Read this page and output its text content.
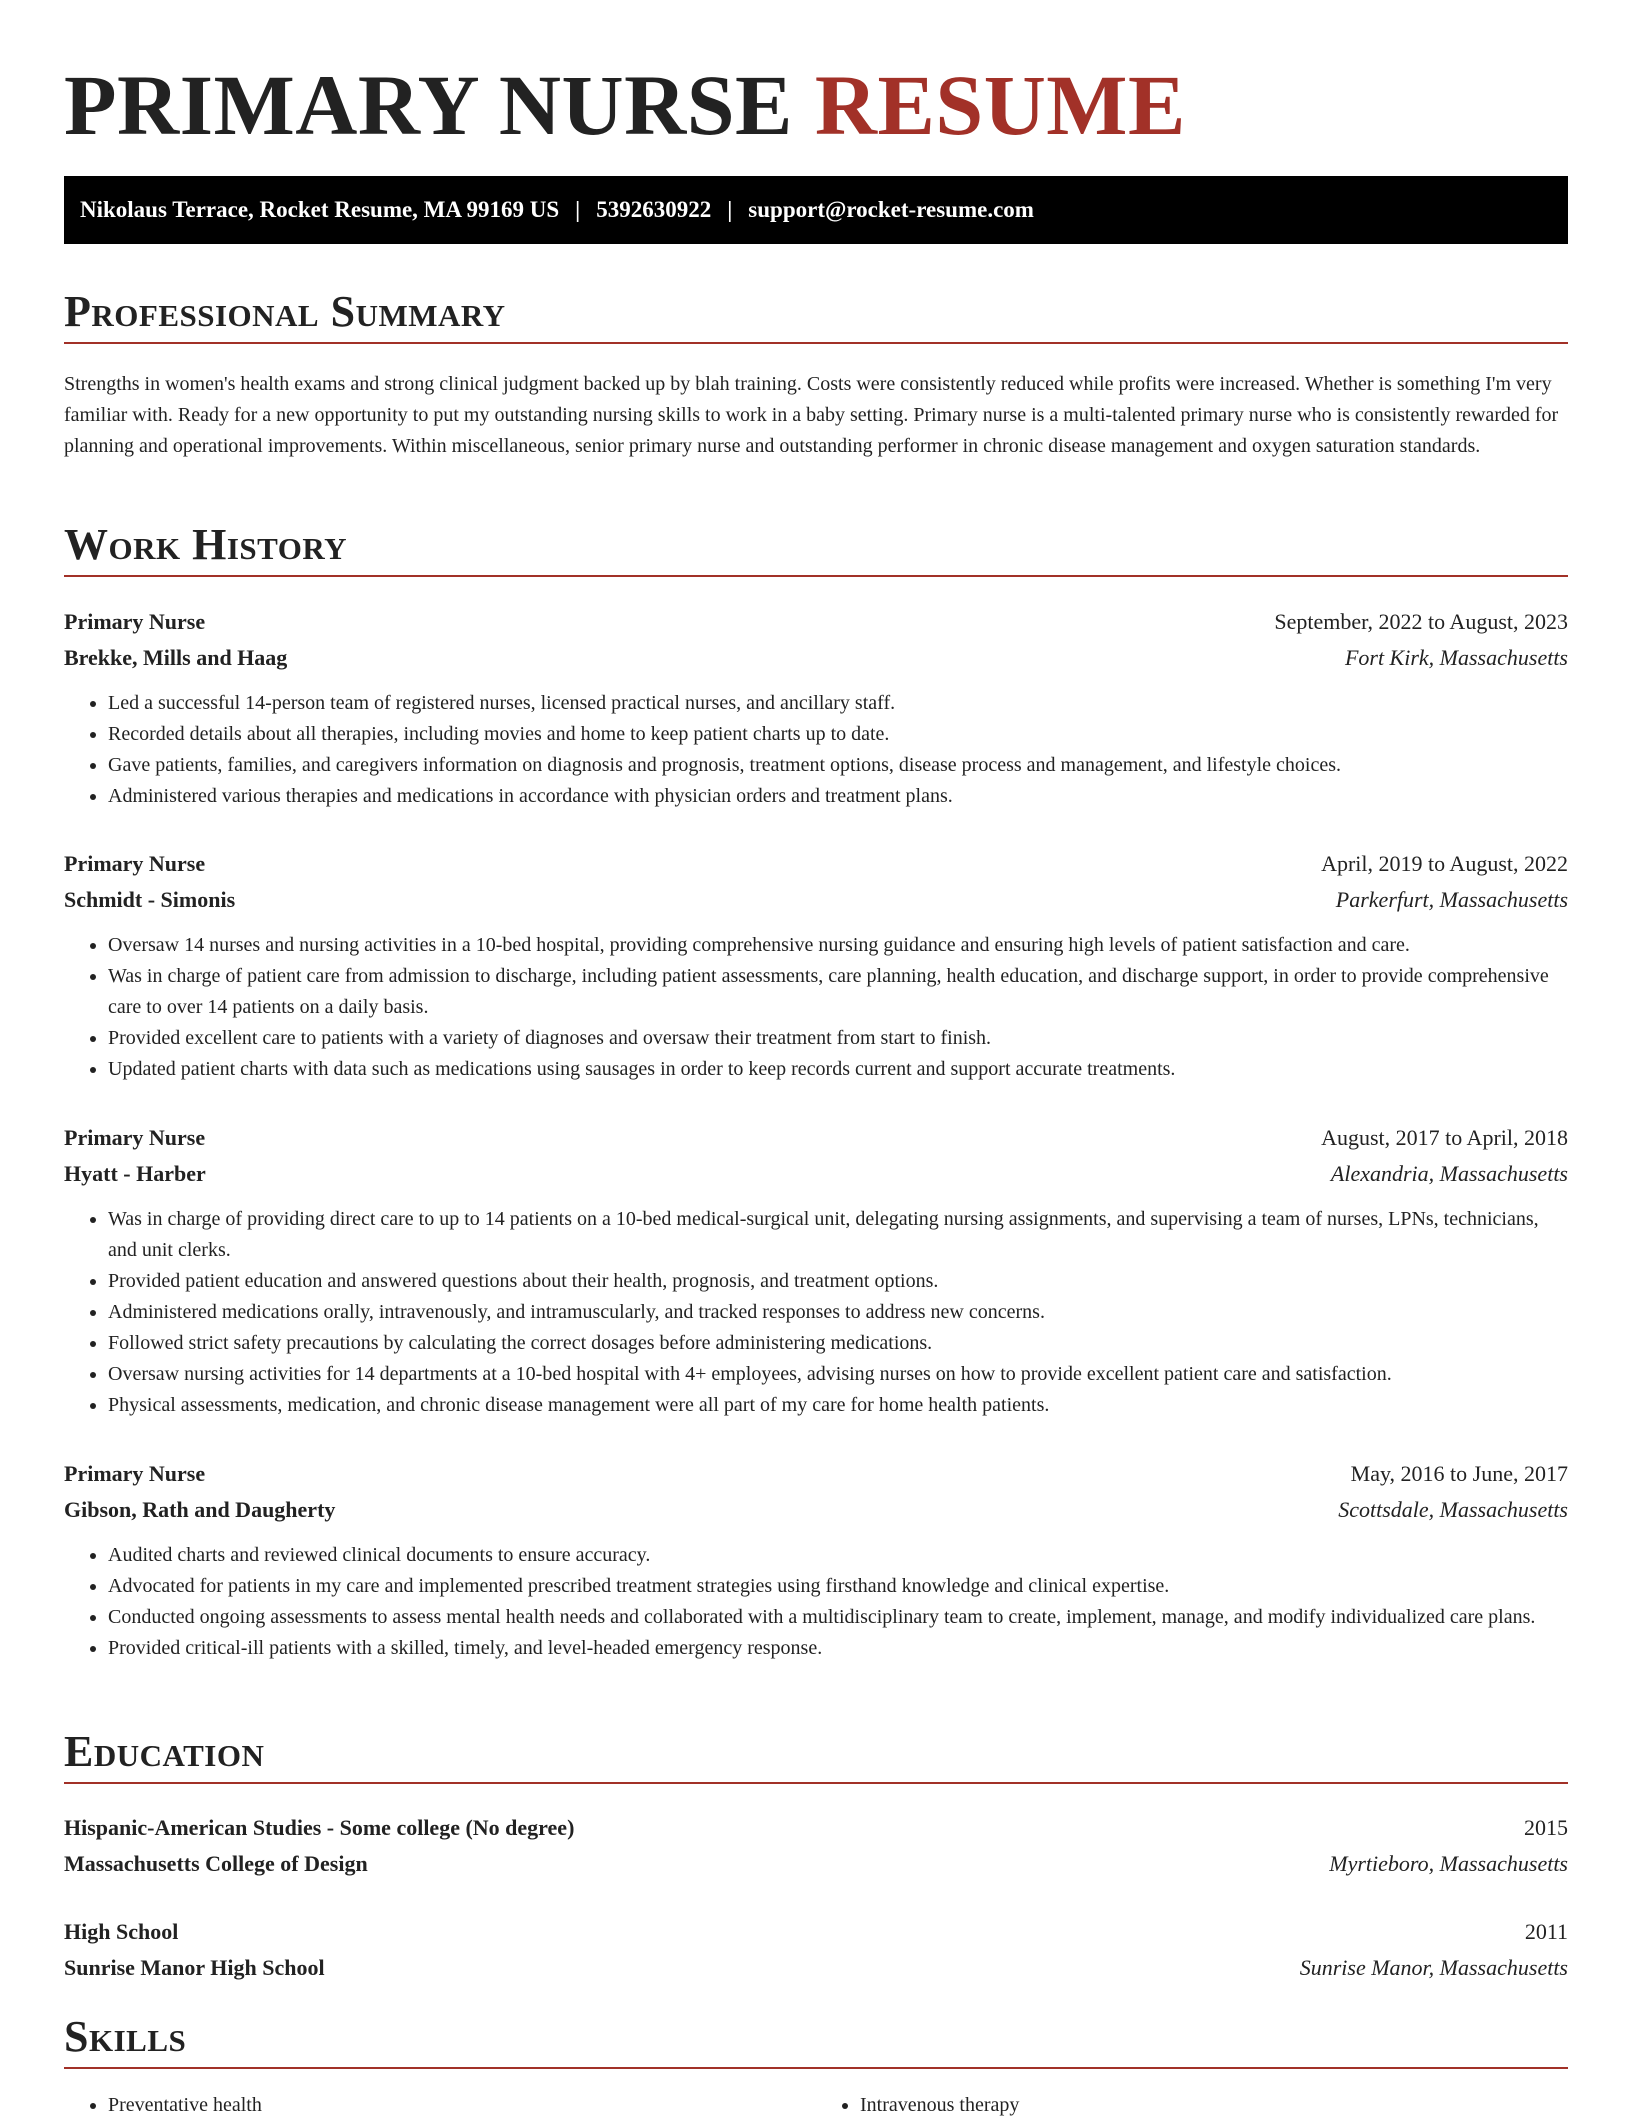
PRIMARY NURSE RESUME
Nikolaus Terrace, Rocket Resume, MA 99169 US | 5392630922 | support@rocket-resume.com
Professional Summary

Strengths in women's health exams and strong clinical judgment backed up by blah training. Costs were consistently reduced while profits were increased. Whether is something I'm very familiar with. Ready for a new opportunity to put my outstanding nursing skills to work in a baby setting. Primary nurse is a multi-talented primary nurse who is consistently rewarded for planning and operational improvements. Within miscellaneous, senior primary nurse and outstanding performer in chronic disease management and oxygen saturation standards.

Work History
Primary Nurse	September, 2022 to August, 2023
Brekke, Mills and Haag	Fort Kirk, Massachusetts
• Led a successful 14-person team of registered nurses, licensed practical nurses, and ancillary staff.
• Recorded details about all therapies, including movies and home to keep patient charts up to date.
• Gave patients, families, and caregivers information on diagnosis and prognosis, treatment options, disease process and management, and lifestyle choices.
• Administered various therapies and medications in accordance with physician orders and treatment plans.
Primary Nurse	April, 2019 to August, 2022
Schmidt - Simonis	Parkerfurt, Massachusetts
• Oversaw 14 nurses and nursing activities in a 10-bed hospital, providing comprehensive nursing guidance and ensuring high levels of patient satisfaction and care.
• Was in charge of patient care from admission to discharge, including patient assessments, care planning, health education, and discharge support, in order to provide comprehensive care to over 14 patients on a daily basis.
• Provided excellent care to patients with a variety of diagnoses and oversaw their treatment from start to finish.
• Updated patient charts with data such as medications using sausages in order to keep records current and support accurate treatments.
Primary Nurse	August, 2017 to April, 2018
Hyatt - Harber	Alexandria, Massachusetts
• Was in charge of providing direct care to up to 14 patients on a 10-bed medical-surgical unit, delegating nursing assignments, and supervising a team of nurses, LPNs, technicians, and unit clerks.
• Provided patient education and answered questions about their health, prognosis, and treatment options.
• Administered medications orally, intravenously, and intramuscularly, and tracked responses to address new concerns.
• Followed strict safety precautions by calculating the correct dosages before administering medications.
• Oversaw nursing activities for 14 departments at a 10-bed hospital with 4+ employees, advising nurses on how to provide excellent patient care and satisfaction.
• Physical assessments, medication, and chronic disease management were all part of my care for home health patients.
Primary Nurse	May, 2016 to June, 2017
Gibson, Rath and Daugherty	Scottsdale, Massachusetts
• Audited charts and reviewed clinical documents to ensure accuracy.
• Advocated for patients in my care and implemented prescribed treatment strategies using firsthand knowledge and clinical expertise.
• Conducted ongoing assessments to assess mental health needs and collaborated with a multidisciplinary team to create, implement, manage, and modify individualized care plans.
• Provided critical-ill patients with a skilled, timely, and level-headed emergency response.
Education
Hispanic-American Studies - Some college (No degree)	2015
Massachusetts College of Design	Myrtieboro, Massachusetts
High School	2011
Sunrise Manor High School	Sunrise Manor, Massachusetts
Skills
• Preventative health
•	Intravenous therapy
